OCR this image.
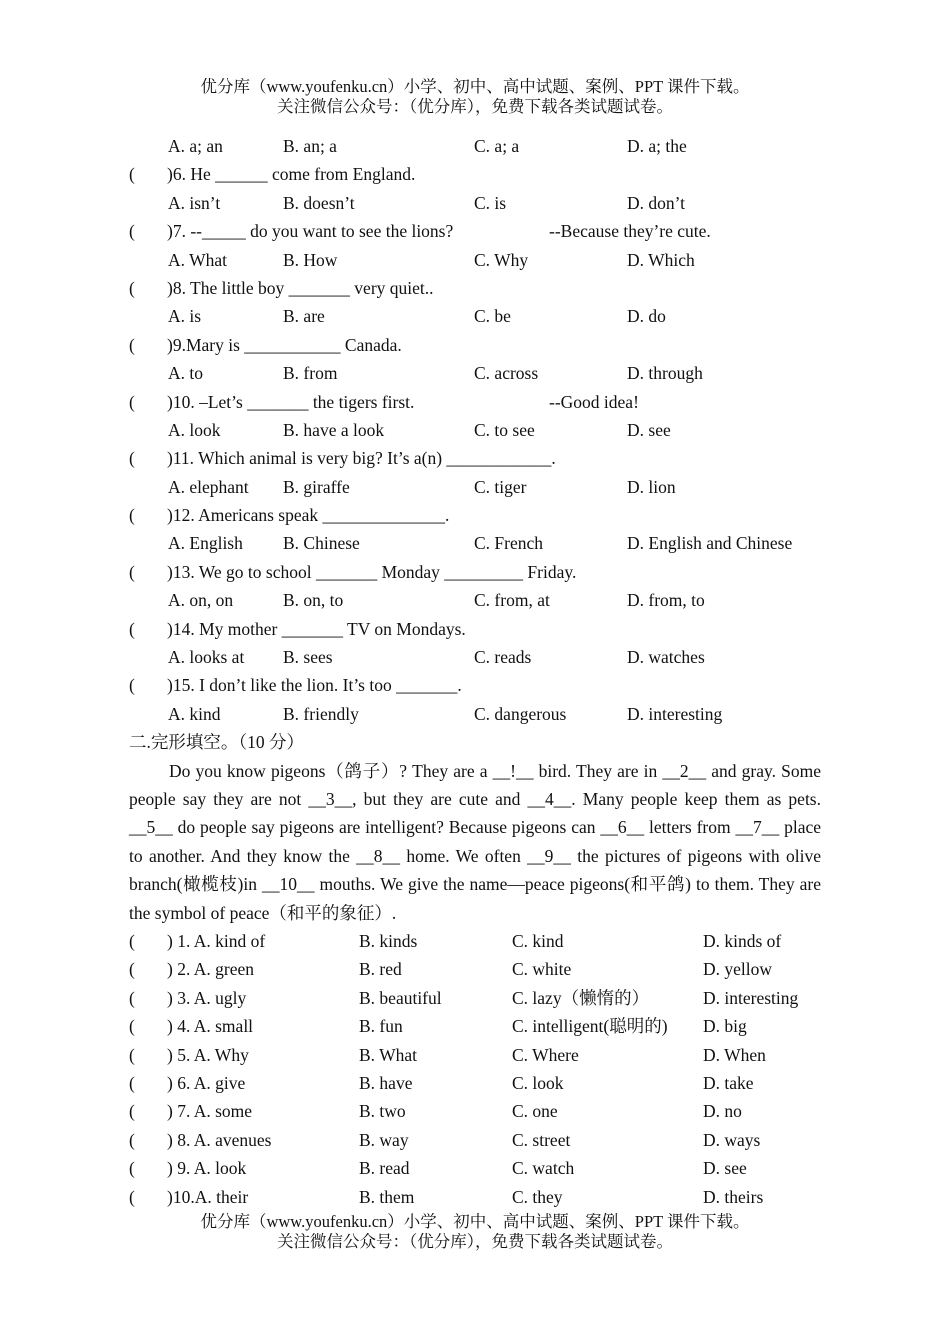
优分库（www.youfenku.cn）小学、初中、高中试题、案例、PPT 课件下载。
关注微信公众号：（优分库），免费下载各类试题试卷。
A. a; an	B. an; a	C. a; a	D. a; the
( )6. He ______ come from England.
A. isn’t	B. doesn’t	C. is	D. don’t
( )7. --_____ do you want to see the lions?	--Because they’re cute.
A. What	B. How	C. Why	D. Which
( )8. The little boy _______ very quiet..
A. is	B. are	C. be	D. do
( )9.Mary is ___________ Canada.
A. to	B. from	C. across	D. through
( )10. –Let’s _______ the tigers first.	--Good idea!
A. look	B. have a look	C. to see	D. see
( )11. Which animal is very big? It’s a(n) ____________.
A. elephant B. giraffe	C. tiger	D. lion
( )12. Americans speak ______________.
A. English B. Chinese	C. French	D. English and Chinese
( )13. We go to school _______ Monday _________ Friday.
A. on, on	B. on, to	C. from, at	D. from, to
( )14. My mother _______ TV on Mondays.
A. looks at B. sees	C. reads	D. watches
( )15. I don’t like the lion. It’s too _______.
A. kind	B. friendly	C. dangerous	D. interesting
二.完形填空。（10 分）

Do you know pigeons（鸽子）? They are a __!__ bird. They are in __2__ and gray. Some people say they are not __3__, but they are cute and __4__. Many people keep them as pets. __5__ do people say pigeons are intelligent? Because pigeons can __6__ letters from __7__ place to another. And they know the __8__ home. We often __9__ the pictures of pigeons with olive branch(橄榄枝)in __10__ mouths. We give the name—peace pigeons(和平鸽) to them. They are the symbol of peace（和平的象征）.

( ) 1. A. kind of	B. kinds	C. kind	D. kinds of
( ) 2. A. green	B. red	C. white	D. yellow
( ) 3. A. ugly	B. beautiful	C. lazy（懒惰的）	D. interesting
( ) 4. A. small	B. fun	C. intelligent(聪明的) D. big
( ) 5. A. Why	B. What	C. Where	D. When
( ) 6. A. give	B. have	C. look	D. take
( ) 7. A. some	B. two	C. one	D. no
( ) 8. A. avenues	B. way	C. street	D. ways
( ) 9. A. look	B. read	C. watch	D. see
( )10.A. their	B. them	C. they	D. theirs
优分库（www.youfenku.cn）小学、初中、高中试题、案例、PPT 课件下载。
关注微信公众号：（优分库），免费下载各类试题试卷。
